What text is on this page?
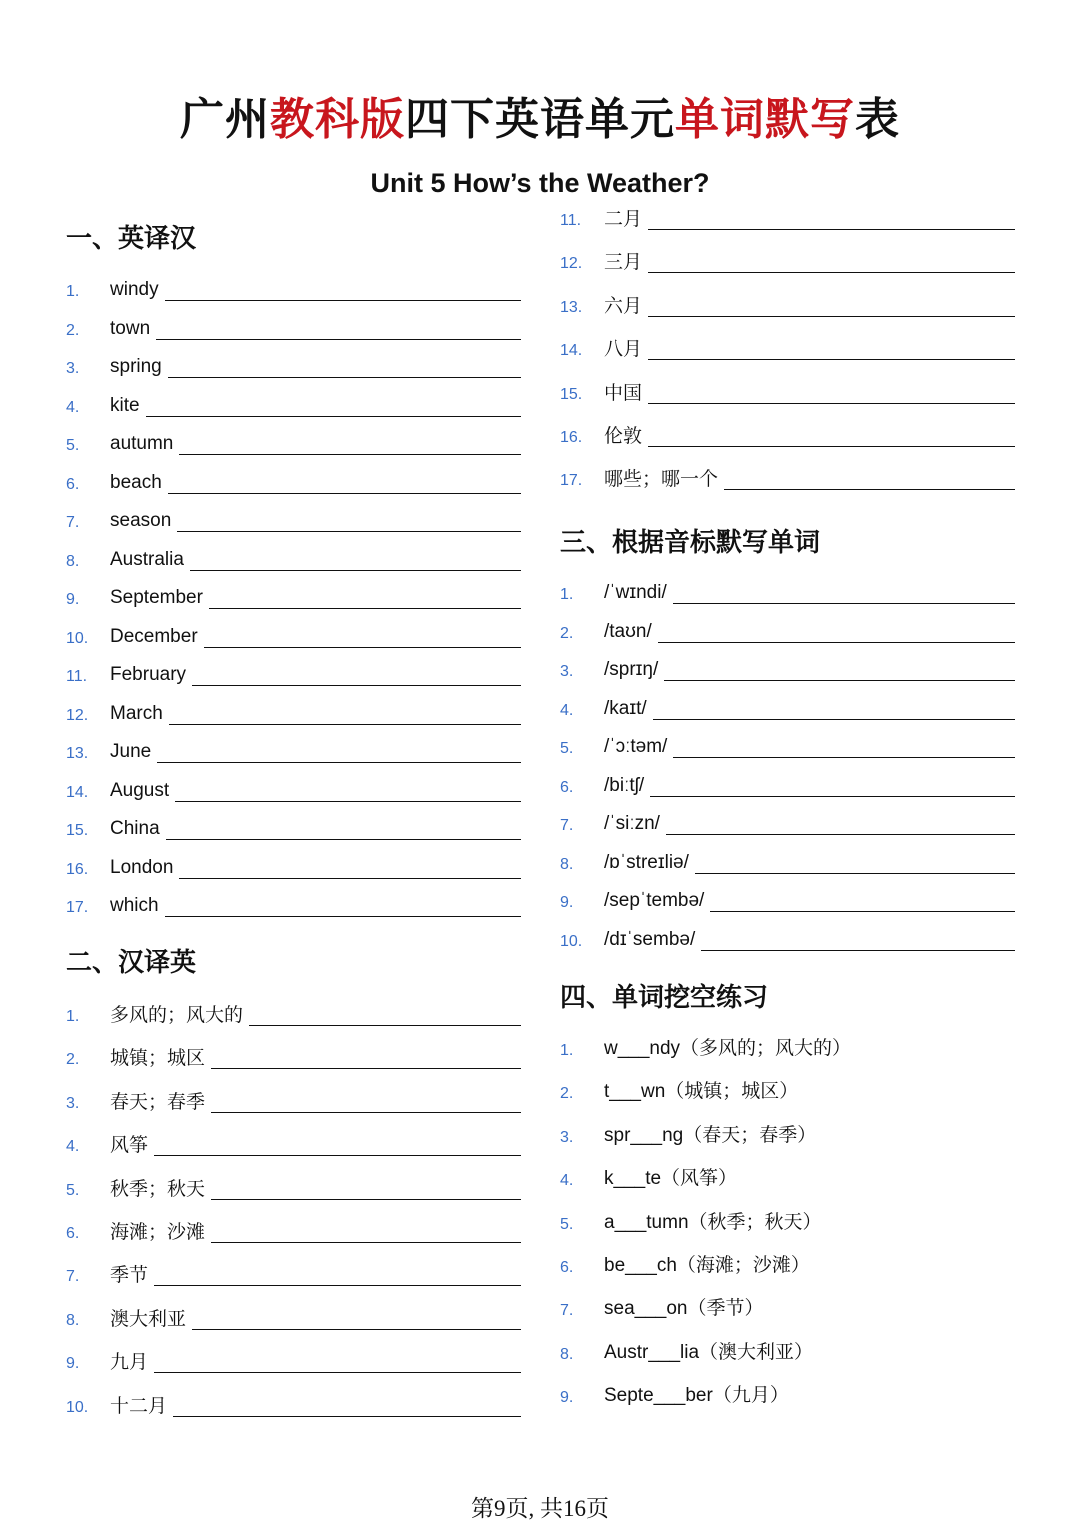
广州教科版四下英语单元单词默写表
Unit 5 How’s the Weather?
一、英译汉
1.	windy
2.	town
3.	spring
4.	kite
5.	autumn
6.	beach
7.	season
8.	Australia
9.	September
10.	December
11.	February
12.	March
13.	June
14.	August
15.	China
16.	London
17.	which
二、汉译英
1.	多风的；风大的
2.	城镇；城区
3.	春天；春季
4.	风筝
5.	秋季；秋天
6.	海滩；沙滩
7.	季节
8.	澳大利亚
9.	九月
10.	十二月
11.	二月
12.	三月
13.	六月
14.	八月
15.	中国
16.	伦敦
17.	哪些；哪一个
三、根据音标默写单词
1.	/ˈwɪndi/
2.	/taʊn/
3.	/sprɪŋ/
4.	/kaɪt/
5.	/ˈɔːtəm/
6.	/biːtʃ/
7.	/ˈsiːzn/
8.	/ɒˈstreɪliə/
9.	/sepˈtembə/
10.	/dɪˈsembə/
四、单词挖空练习
1.	w___ndy（多风的；风大的）
2.	t___wn（城镇；城区）
3.	spr___ng（春天；春季）
4.	k___te（风筝）
5.	a___tumn（秋季；秋天）
6.	be___ch（海滩；沙滩）
7.	sea___on（季节）
8.	Austr___lia（澳大利亚）
9.	Septe___ber（九月）
第9页, 共16页
